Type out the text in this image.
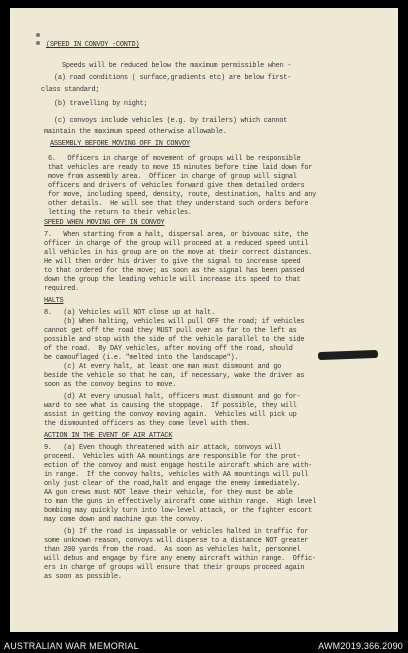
(SPEED IN CONVOY -CONTD)
Speeds will be reduced below the maximum permissible when -
(a) road conditions ( surface,gradients etc) are below first-
class standard;
(b) travelling by night;
(c) convoys include vehicles (e.g. by trailers) which cannot
maintain the maximum speed otherwise allowable.
ASSEMBLY BEFORE MOVING OFF IN CONVOY
6.   Officers in charge of movement of groups will be responsible
that vehicles are ready to move 15 minutes before time laid down for
move from assembly area.  Officer in charge of group will signal
officers and drivers of vehicles forward give them detailed orders
for move, including speed, density, route, destination, halts and any
other details.  He will see that they understand such orders before
letting the return to their vehicles.
SPEED WHEN MOVING OFF IN CONVOY
7.   When starting from a halt, dispersal area, or bivouac site, the
officer in charge of the group will proceed at a reduced speed until
all vehicles in his group are on the move at their correct distances.
He will then order his driver to give the signal to increase speed
to that ordered for the move; as soon as the signal has been passed
down the group the leading vehicle will increase its speed to that
required.
HALTS
8.   (a) Vehicles will NOT close up at halt.
(b) When halting, vehicles will pull OFF the road; if vehicles
cannot get off the road they MUST pull over as far to the left as
possible and stop with the side of the vehicle parallel to the side
of the road.  By DAY vehicles, after moving off the road, should
be camouflaged (i.e. "melted into the landscape").
(c) At every halt, at least one man must dismount and go
beside the vehicle so that he can, if necessary, wake the driver as
soon as the convoy begins to move.
(d) At every unusual halt, officers must dismount and go for-
ward to see what is causing the stoppage.  If possible, they will
assist in getting the convoy moving again.  Vehicles will pick up
the dismounted officers as they come level with them.
ACTION IN THE EVENT OF AIR ATTACK
9.   (a) Even though threatened with air attack, convoys will
proceed.  Vehicles with AA mountings are responsible for the prot-
ection of the convoy and must engage hostile aircraft which are with-
in range.  If the convoy halts, vehicles with AA mountings will pull
only just clear of the road,halt and engage the enemy immediately.
AA gun crews must NOT leave their vehicle, for they must be able
to man the guns in effectively aircraft come within range.  High level
bombing may quickly turn into low-level attack, or the fighter escort
may come down and machine gun the convoy.
(b) If the road is impassable or vehicles halted in traffic for
some unknown reason, convoys will disperse to a distance NOT greater
than 200 yards from the road.  As soon as vehicles halt, personnel
will debus and engage by fire any enemy aircraft within range.  Offic-
ers in charge of groups will ensure that their groups proceed again
as soon as possible.
AUSTRALIAN WAR MEMORIAL	AWM2019.366.2090
